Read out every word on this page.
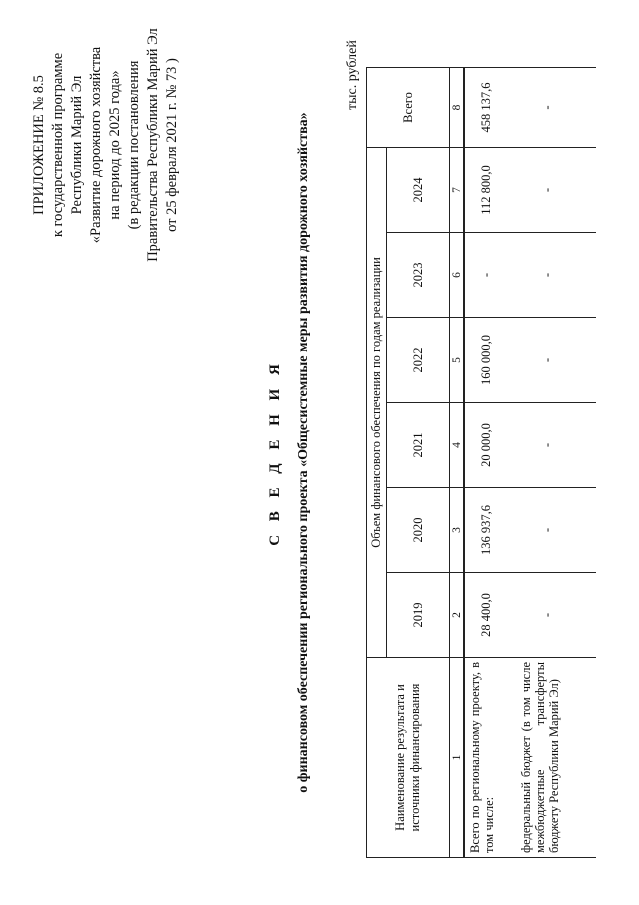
ПРИЛОЖЕНИЕ № 8.5 к государственной программе Республики Марий Эл «Развитие дорожного хозяйства на период до 2025 года» (в редакции постановления Правительства Республики Марий Эл от 25 февраля 2021 г. № 73 )
С В Е Д Е Н И Я о финансовом обеспечении регионального проекта «Общесистемные меры развития дорожного хозяйства»
тыс. рублей
Наименование результата и источники финансирования	Объем финансового обеспечения по годам реализации						Всего
	2019	2020	2021	2022	2023	2024	
1	2	3	4	5	6	7	8
Всего по региональному проекту, в том числе:	28 400,0	136 937,6	20 000,0	160 000,0	-	112 800,0	458 137,6
федеральный бюджет (в том числе межбюджетные трансферты бюджету Республики Марий Эл)	-	-	-	-	-	-	-
